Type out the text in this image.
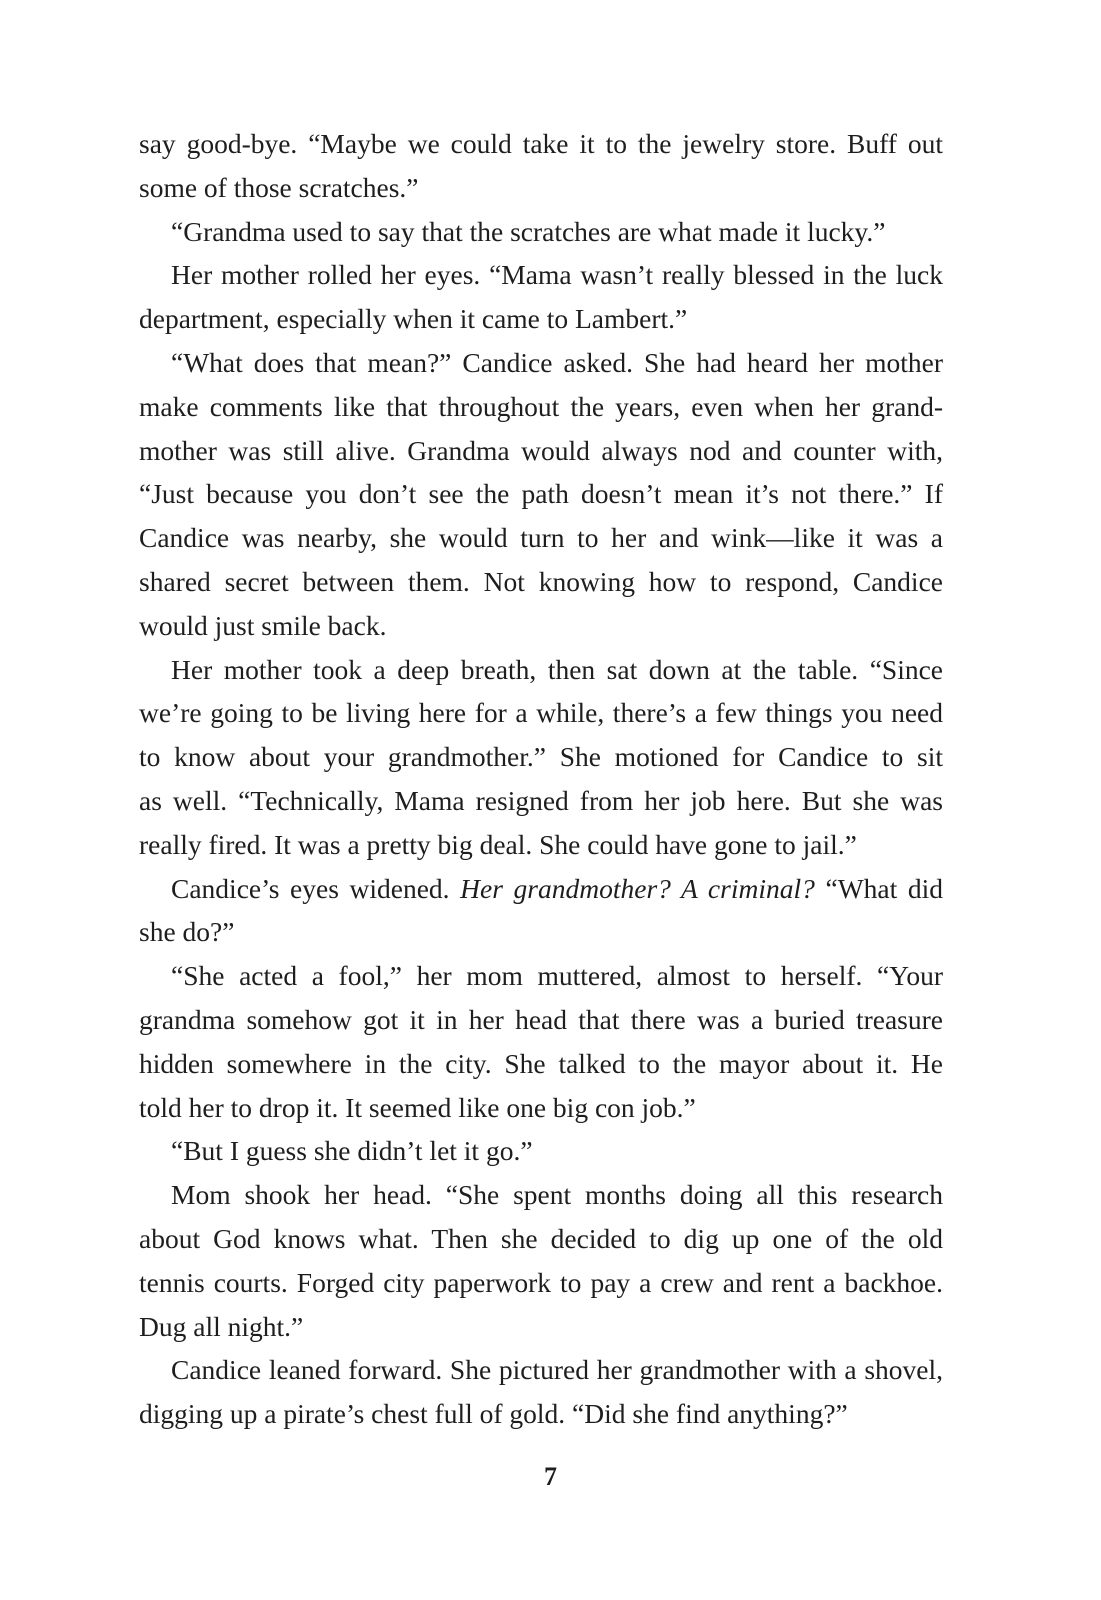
say good-bye. “Maybe we could take it to the jewelry store. Buff out
some of those scratches.”
“Grandma used to say that the scratches are what made it lucky.”
Her mother rolled her eyes. “Mama wasn’t really blessed in the luck
department, especially when it came to Lambert.”
“What does that mean?” Candice asked. She had heard her mother
make comments like that throughout the years, even when her grand-
mother was still alive. Grandma would always nod and counter with,
“Just because you don’t see the path doesn’t mean it’s not there.” If
Candice was nearby, she would turn to her and wink—like it was a
shared secret between them. Not knowing how to respond, Candice
would just smile back.
Her mother took a deep breath, then sat down at the table. “Since
we’re going to be living here for a while, there’s a few things you need
to know about your grandmother.” She motioned for Candice to sit
as well. “Technically, Mama resigned from her job here. But she was
really fired. It was a pretty big deal. She could have gone to jail.”
Candice’s eyes widened. Her grandmother? A criminal? “What did
she do?”
“She acted a fool,” her mom muttered, almost to herself. “Your
grandma somehow got it in her head that there was a buried treasure
hidden somewhere in the city. She talked to the mayor about it. He
told her to drop it. It seemed like one big con job.”
“But I guess she didn’t let it go.”
Mom shook her head. “She spent months doing all this research
about God knows what. Then she decided to dig up one of the old
tennis courts. Forged city paperwork to pay a crew and rent a backhoe.
Dug all night.”
Candice leaned forward. She pictured her grandmother with a shovel,
digging up a pirate’s chest full of gold. “Did she find anything?”
7
